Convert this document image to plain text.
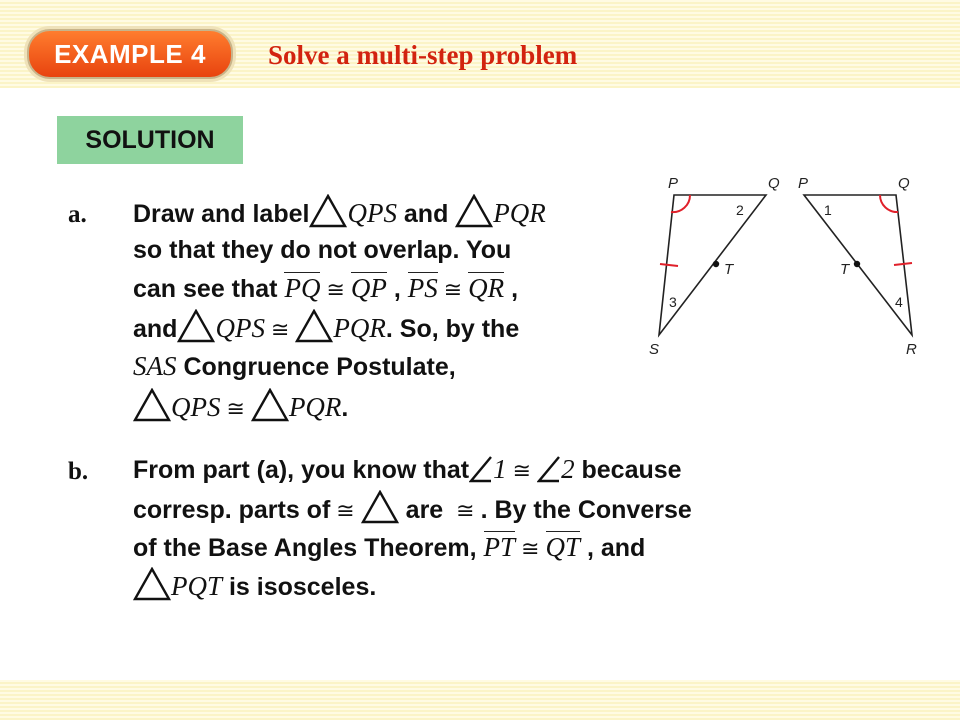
EXAMPLE 4	Solve a multi-step problem
SOLUTION
a. Draw and label QPS and PQR
so that they do not overlap. You
can see that PQ ≅ QP , PS ≅ QR ,
and QPS ≅ PQR. So, by the
SAS Congruence Postulate,
QPS ≅ PQR.
b. From part (a), you know that 1 ≅ 2 because
corresp. parts of ≅ are ≅ . By the Converse
of the Base Angles Theorem, PT ≅ QT , and
PQT is isosceles.
P	Q
S
T
2
3
P	Q
R
T
1
4
